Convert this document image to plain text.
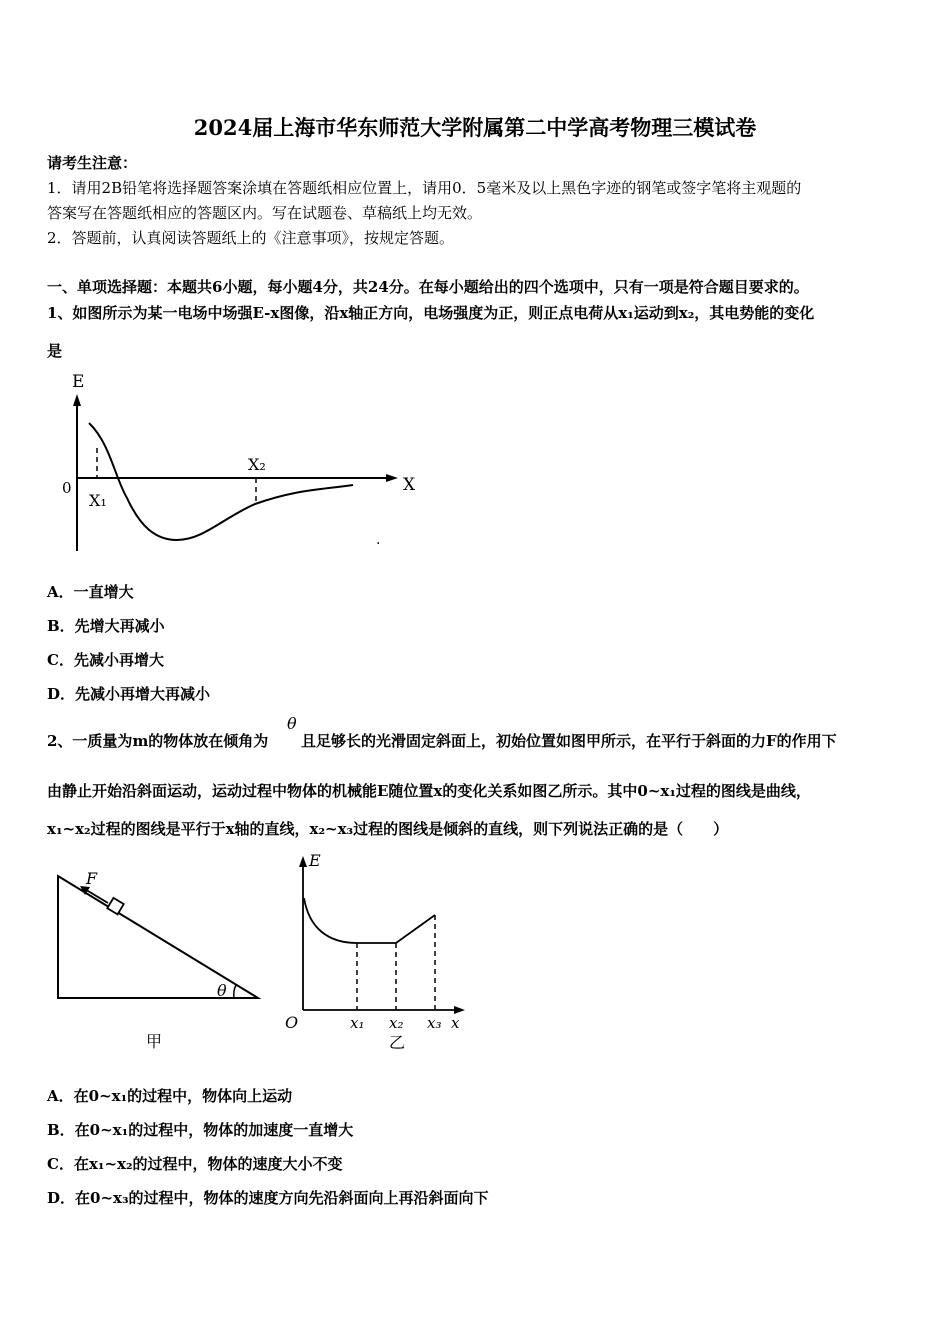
2024届上海市华东师范大学附属第二中学高考物理三模试卷
请考生注意：
1．请用2B铅笔将选择题答案涂填在答题纸相应位置上，请用0．5毫米及以上黑色字迹的钢笔或签字笔将主观题的
答案写在答题纸相应的答题区内。写在试题卷、草稿纸上均无效。
2．答题前，认真阅读答题纸上的《注意事项》，按规定答题。
一、单项选择题：本题共6小题，每小题4分，共24分。在每小题给出的四个选项中，只有一项是符合题目要求的。
1、如图所示为某一电场中场强E-x图像，沿x轴正方向，电场强度为正，则正点电荷从x₁运动到x₂，其电势能的变化
是
E
X
0
X₁
X₂
.
A．一直增大
B．先增大再减小
C．先减小再增大
D．先减小再增大再减小
2、一质量为m的物体放在倾角为
θ
且足够长的光滑固定斜面上，初始位置如图甲所示，在平行于斜面的力F的作用下
由静止开始沿斜面运动，运动过程中物体的机械能E随位置x的变化关系如图乙所示。其中0~x₁过程的图线是曲线，
x₁~x₂过程的图线是平行于x轴的直线，x₂~x₃过程的图线是倾斜的直线，则下列说法正确的是（　　）
F
θ
甲
E
O	x₁ x₂ x₃ x
乙
A．在0~x₁的过程中，物体向上运动
B．在0~x₁的过程中，物体的加速度一直增大
C．在x₁~x₂的过程中，物体的速度大小不变
D．在0~x₃的过程中，物体的速度方向先沿斜面向上再沿斜面向下
